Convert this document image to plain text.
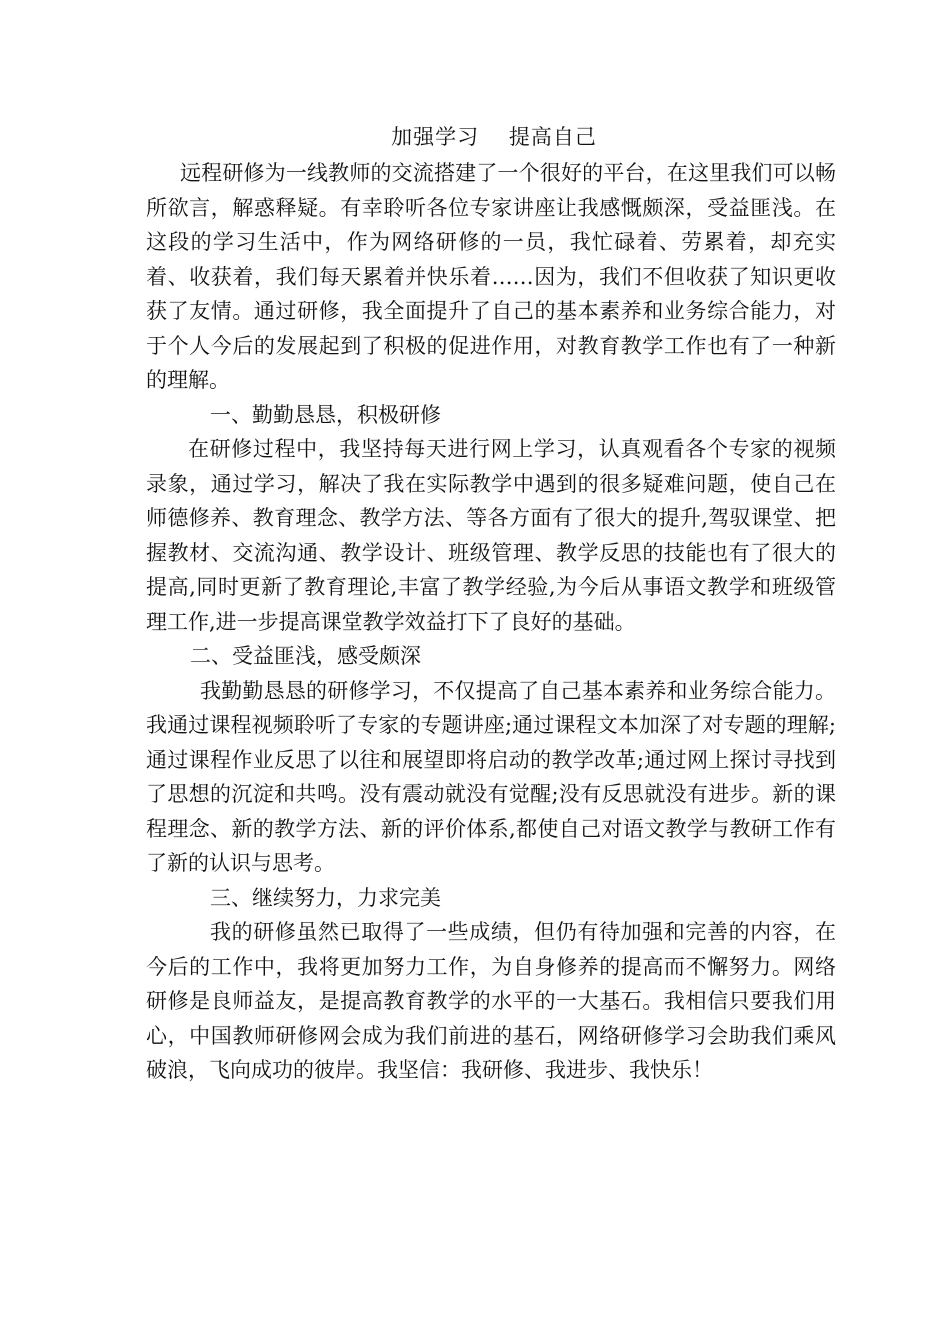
加强学习 　提高自己

远程研修为一线教师的交流搭建了一个很好的平台，在这里我们可以畅所欲言，解惑释疑。有幸聆听各位专家讲座让我感慨颇深，受益匪浅。在这段的学习生活中，作为网络研修的一员，我忙碌着、劳累着，却充实着、收获着，我们每天累着并快乐着……因为，我们不但收获了知识更收获了友情。通过研修，我全面提升了自己的基本素养和业务综合能力，对于个人今后的发展起到了积极的促进作用，对教育教学工作也有了一种新的理解。

一、勤勤恳恳，积极研修

在研修过程中，我坚持每天进行网上学习，认真观看各个专家的视频录象，通过学习，解决了我在实际教学中遇到的很多疑难问题，使自己在师德修养、教育理念、教学方法、等各方面有了很大的提升,驾驭课堂、把握教材、交流沟通、教学设计、班级管理、教学反思的技能也有了很大的提高,同时更新了教育理论,丰富了教学经验,为今后从事语文教学和班级管理工作,进一步提高课堂教学效益打下了良好的基础。

二、受益匪浅，感受颇深

我勤勤恳恳的研修学习，不仅提高了自己基本素养和业务综合能力。我通过课程视频聆听了专家的专题讲座;通过课程文本加深了对专题的理解; 通过课程作业反思了以往和展望即将启动的教学改革;通过网上探讨寻找到了思想的沉淀和共鸣。没有震动就没有觉醒;没有反思就没有进步。新的课程理念、新的教学方法、新的评价体系,都使自己对语文教学与教研工作有了新的认识与思考。

三、继续努力，力求完美

我的研修虽然已取得了一些成绩，但仍有待加强和完善的内容，在今后的工作中，我将更加努力工作，为自身修养的提高而不懈努力。网络研修是良师益友，是提高教育教学的水平的一大基石。我相信只要我们用心，中国教师研修网会成为我们前进的基石，网络研修学习会助我们乘风破浪，飞向成功的彼岸。我坚信：我研修、我进步、我快乐！
